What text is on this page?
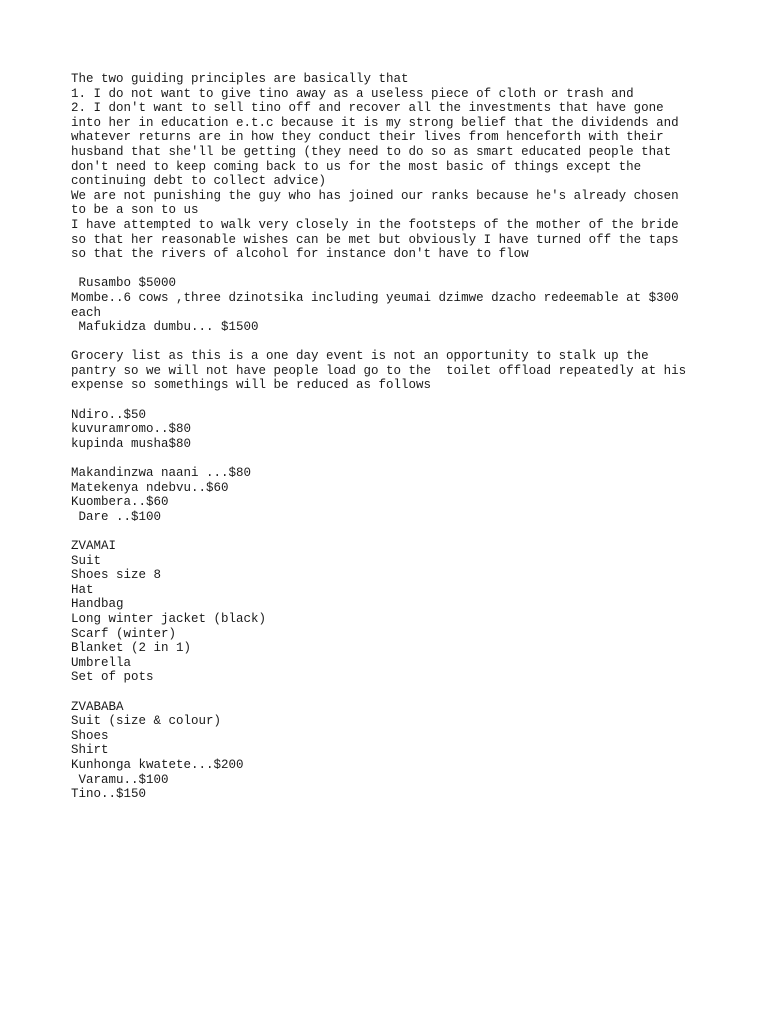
The two guiding principles are basically that
1. I do not want to give tino away as a useless piece of cloth or trash and
2. I don't want to sell tino off and recover all the investments that have gone
into her in education e.t.c because it is my strong belief that the dividends and
whatever returns are in how they conduct their lives from henceforth with their
husband that she'll be getting (they need to do so as smart educated people that
don't need to keep coming back to us for the most basic of things except the
continuing debt to collect advice)
We are not punishing the guy who has joined our ranks because he's already chosen
to be a son to us
I have attempted to walk very closely in the footsteps of the mother of the bride
so that her reasonable wishes can be met but obviously I have turned off the taps
so that the rivers of alcohol for instance don't have to flow
Rusambo $5000
Mombe..6 cows ,three dzinotsika including yeumai dzimwe dzacho redeemable at $300
each
Mafukidza dumbu... $1500
Grocery list as this is a one day event is not an opportunity to stalk up the
pantry so we will not have people load go to the  toilet offload repeatedly at his
expense so somethings will be reduced as follows
Ndiro..$50
kuvuramromo..$80
kupinda musha$80
Makandinzwa naani ...$80
Matekenya ndebvu..$60
Kuombera..$60
Dare ..$100
ZVAMAI
Suit
Shoes size 8
Hat
Handbag
Long winter jacket (black)
Scarf (winter)
Blanket (2 in 1)
Umbrella
Set of pots
ZVABABA
Suit (size & colour)
Shoes
Shirt
Kunhonga kwatete...$200
Varamu..$100
Tino..$150
